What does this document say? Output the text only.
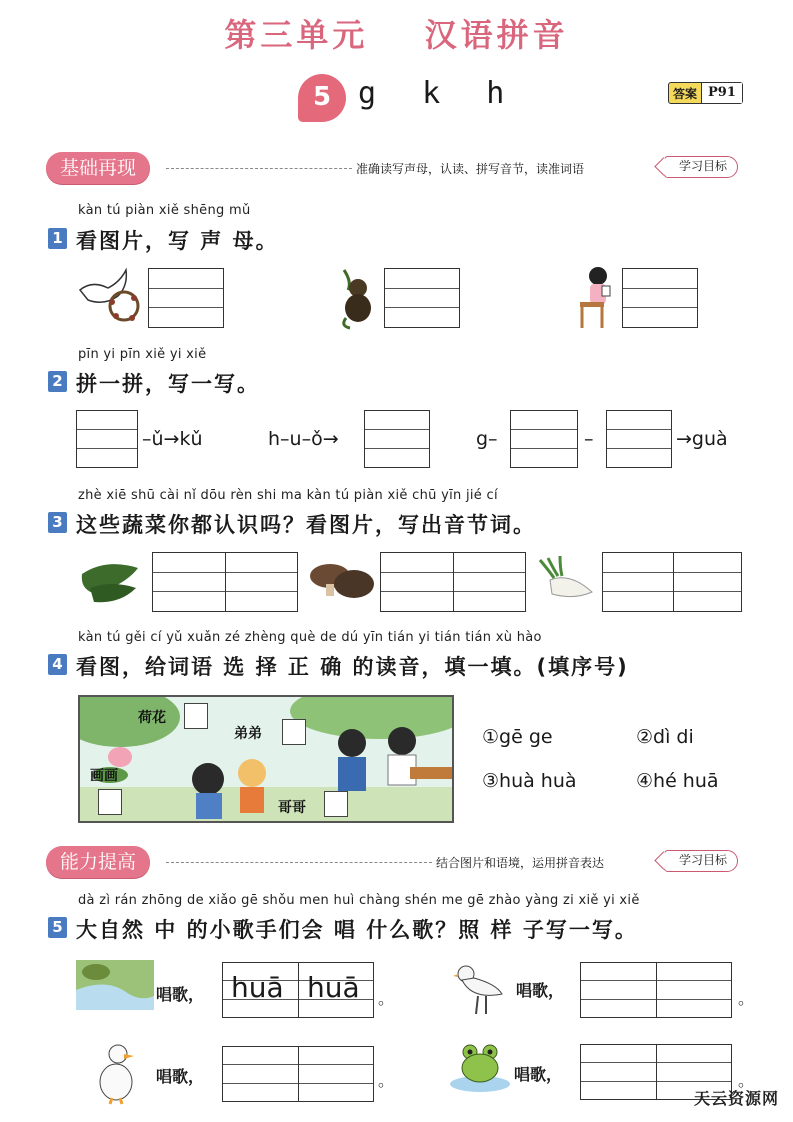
第三单元 汉语拼音
5 g k h	答案 P91
基础再现	准确读写声母，认读、拼写音节，读准词语	学习目标
kàn tú piàn xiě shēng mǔ
1 看图片，写 声 母。
pīn yi pīn xiě yi xiě
2 拼一拼，写一写。
–ǔ→kǔ	h–u–ǒ→	g–	–	→guà
zhè xiē shū cài nǐ dōu rèn shi ma kàn tú piàn xiě chū yīn jié cí
3 这些蔬菜你都认识吗？看图片，写出音节词。
kàn tú gěi cí yǔ xuǎn zé zhèng què de dú yīn tián yi tián tián xù hào
4 看图，给词语 选 择 正 确 的读音，填一填。(填序号)
荷花
弟弟
画画
哥哥
①gē ge	②dì di
③huà huà	④hé huā
能力提高	结合图片和语境，运用拼音表达	学习目标
dà zì rán zhōng de xiǎo gē shǒu men huì chàng shén me gē zhào yàng zi xiě yi xiě
5 大自然 中 的小歌手们会 唱 什么歌？照 样 子写一写。
唱歌， huā huā 。	唱歌，	。
唱歌，	。	唱歌，	。
天云资源网
